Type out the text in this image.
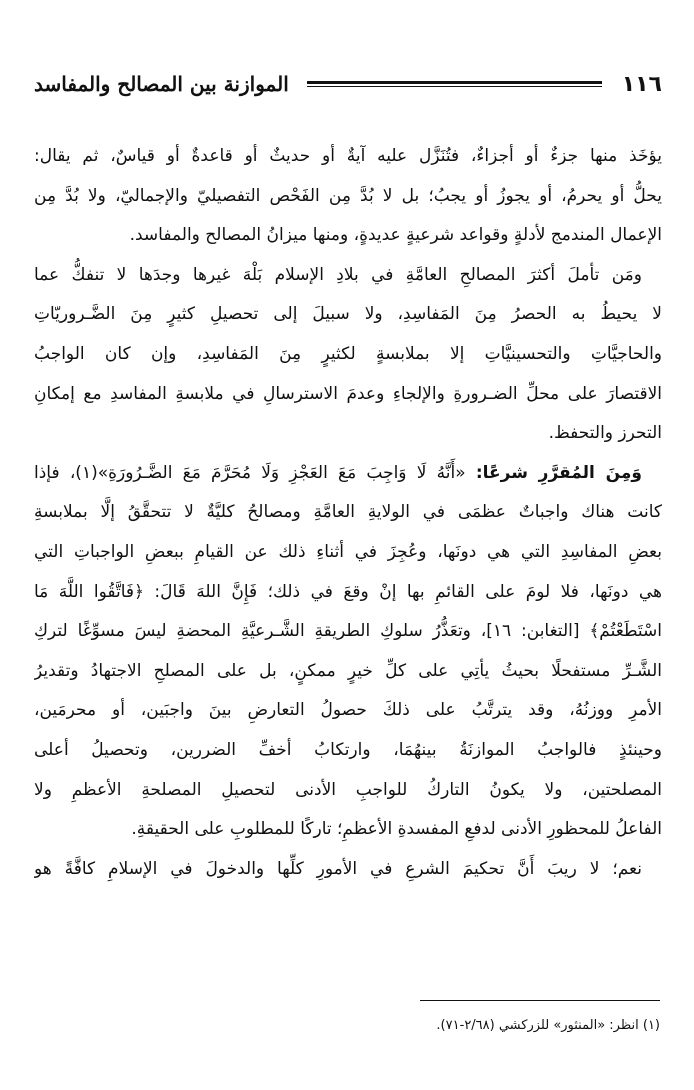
١١٦
الموازنة بين المصالح والمفاسد
يؤخَذ منها جزءٌ أو أجزاءٌ، فتُنَزَّل عليه آيةٌ أو حديثٌ أو قاعدةٌ أو قياسٌ، ثم يقال:
يحلُّ أو يحرمُ، أو يجوزُ أو يجبُ؛ بل لا بُدَّ مِن الفَحْص التفصيليّ والإجماليّ، ولا بُدَّ مِن
الإعمال المندمج لأدلةٍ وقواعد شرعيةٍ عديدةٍ، ومنها ميزانُ المصالح والمفاسد.
ومَن تأملَ أكثرَ المصالحِ العامَّةِ في بلادِ الإسلام بَلْهَ غيرها وجدَها لا تنفكُّ عما
لا يحيطُ به الحصرُ مِنَ المَفاسِدِ، ولا سبيلَ إلى تحصيلِ كثيرٍ مِنَ الضَّـروريّاتِ
والحاجيَّاتِ والتحسينيَّاتِ إلا بملابسةٍ لكثيرٍ مِنَ المَفاسِدِ، وإن كان الواجبُ
الاقتصارَ على محلِّ الضـرورةِ والإلجاءِ وعدمَ الاسترسالِ في ملابسةِ المفاسدِ مع إمكانِ
التحرز والتحفظ.
وَمِنَ المُقرَّرِ شرعًا: «أَنَّهُ لَا وَاجِبَ مَعَ العَجْزِ وَلَا مُحَرَّمَ مَعَ الضَّـرُورَةِ»(١)، فإذا
كانت هناك واجباتٌ عظمَى في الولايةِ العامَّةِ ومصالحُ كليَّةٌ لا تتحقَّقُ إلَّا بملابسةِ
بعضِ المفاسِدِ التي هي دونَها، وعُجِزَ في أثناءِ ذلك عن القيامِ ببعضِ الواجباتِ التي
هي دونَها، فلا لومَ على القائمِ بها إنْ وقعَ في ذلك؛ فَإِنَّ اللهَ قَالَ: ﴿فَاتَّقُوا اللَّهَ مَا
اسْتَطَعْتُمْ﴾ [التغابن: ١٦]، وتعَذُّرُ سلوكِ الطريقةِ الشَّـرعيَّةِ المحضةِ ليسَ مسوِّغًا لتركِ
الشَّـرِّ مستفحلًا بحيثُ يأتِي على كلِّ خيرٍ ممكنٍ، بل على المصلحِ الاجتهادُ وتقديرُ
الأمرِ ووزنُهُ، وقد يترتَّبُ على ذلكَ حصولُ التعارضِ بينَ واجبَين، أو محرمَين،
وحينئذٍ فالواجبُ الموازنَةُ بينهُمَا، وارتكابُ أخفِّ الضررين، وتحصيلُ أعلى
المصلحتين، ولا يكونُ التاركُ للواجبِ الأدنى لتحصيلِ المصلحةِ الأعظمِ ولا
الفاعلُ للمحظورِ الأدنى لدفعِ المفسدةِ الأعظمِ؛ تاركًا للمطلوبِ على الحقيقةِ.
نعم؛ لا ريبَ أَنَّ تحكيمَ الشرعِ في الأمورِ كلِّها والدخولَ في الإسلامِ كافَّةً هو
(١) انظر: «المنثور» للزركشي (٢/٦٨-٧١).
